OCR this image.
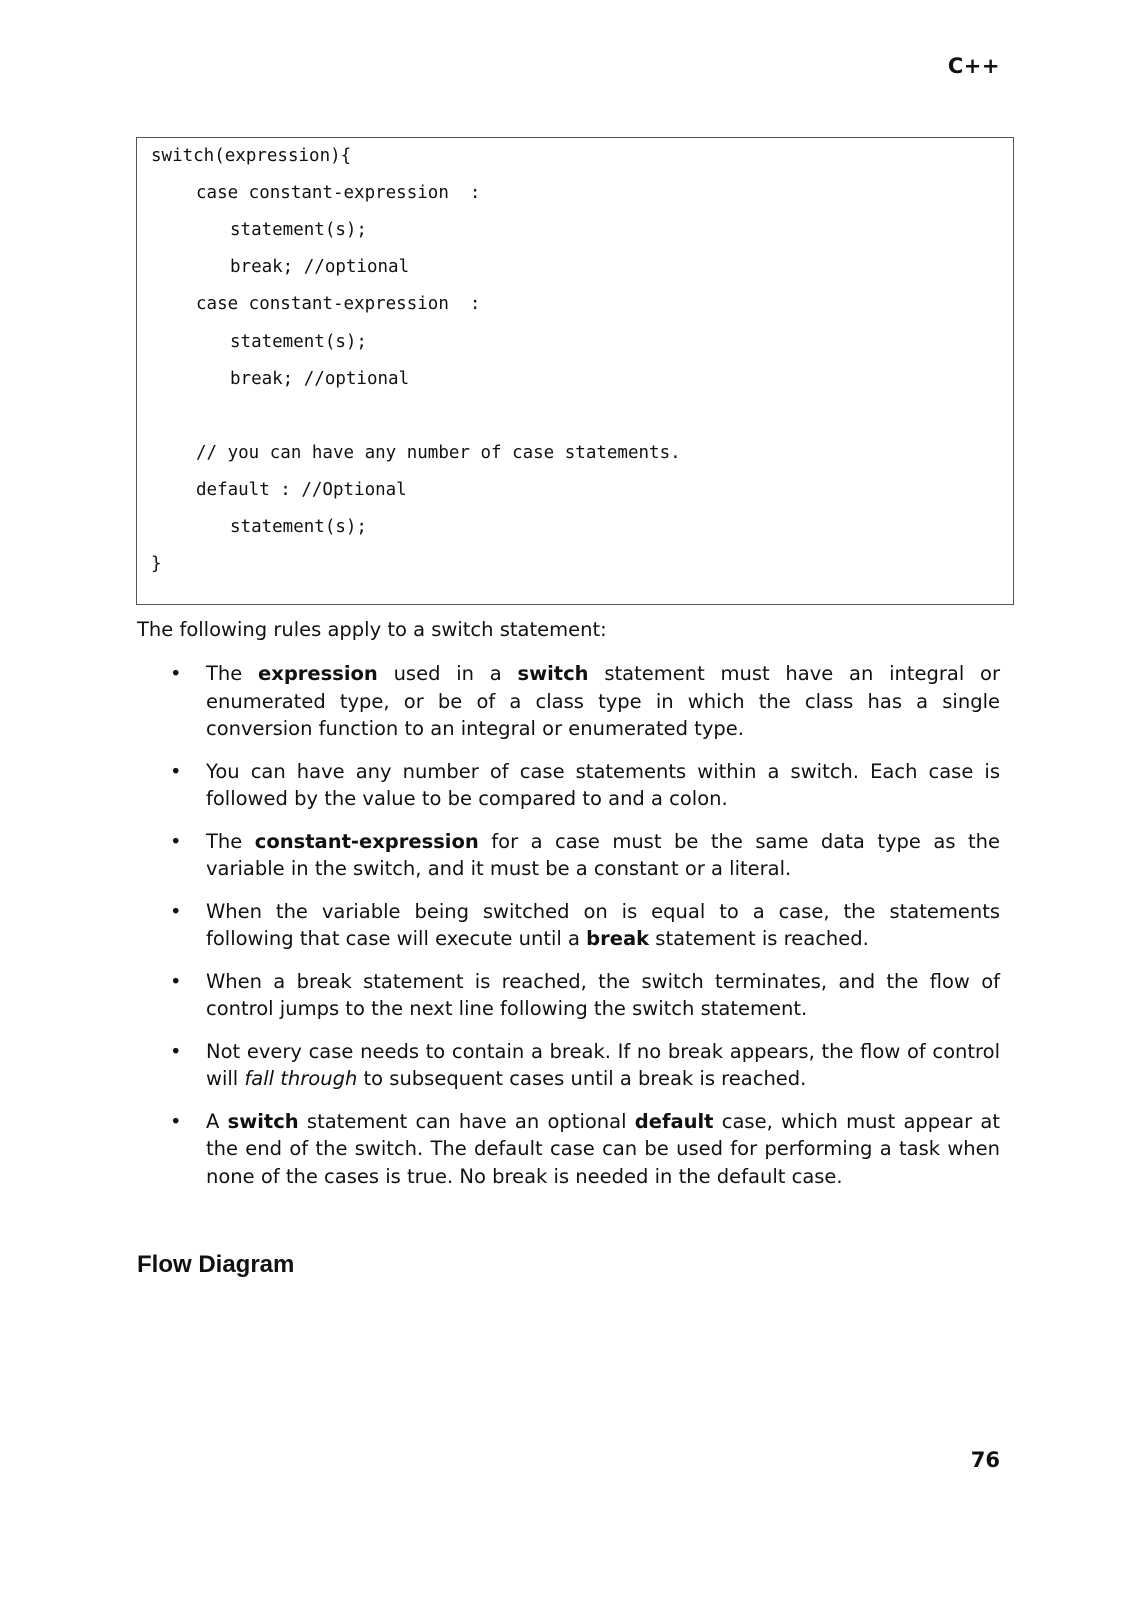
C++
switch(expression){
case constant-expression  :
statement(s);
break; //optional
case constant-expression  :
statement(s);
break; //optional
// you can have any number of case statements.
default : //Optional
statement(s);
}
The following rules apply to a switch statement:
• The expression used in a switch statement must have an integral or enumerated type, or be of a class type in which the class has a single conversion function to an integral or enumerated type.
• You can have any number of case statements within a switch. Each case is followed by the value to be compared to and a colon.
• The constant-expression for a case must be the same data type as the variable in the switch, and it must be a constant or a literal.
• When the variable being switched on is equal to a case, the statements following that case will execute until a break statement is reached.
• When a break statement is reached, the switch terminates, and the flow of control jumps to the next line following the switch statement.
• Not every case needs to contain a break. If no break appears, the flow of control will fall through to subsequent cases until a break is reached.
• A switch statement can have an optional default case, which must appear at the end of the switch. The default case can be used for performing a task when none of the cases is true. No break is needed in the default case.
Flow Diagram
76
